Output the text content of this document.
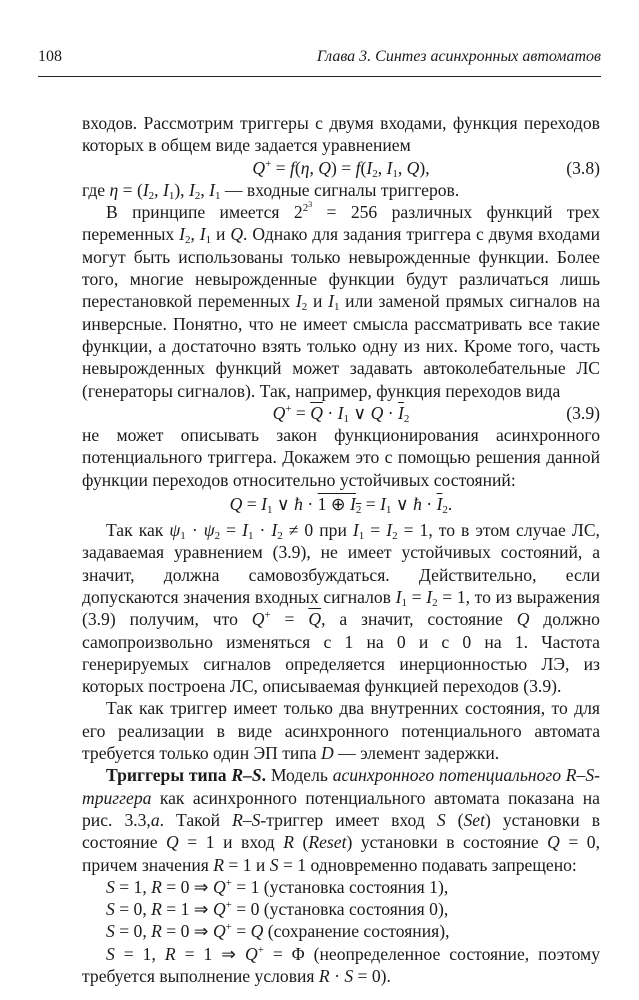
108	Глава 3. Синтез асинхронных автоматов

входов. Рассмотрим триггеры с двумя входами, функция переходов которых в общем виде задается уравнением

Q+ = f(η, $Q) = f(I_2$, $I_1$, Q),	(3.8)

где $\eta = (I_2$, $I_1$), $I_2$, $I_1$ — входные сигналы триггеров.

В принципе имеется $2^{2^3} = 256$ различных функций трех переменных $I_2$, $I_1$ и Q. Однако для задания триггера с двумя входами могут быть использованы только невырожденные функции. Более того, многие невырожденные функции будут различаться лишь перестановкой переменных $I_2$ и $I_1$ или заменой прямых сигналов на инверсные. Понятно, что не имеет смысла рассматривать все такие функции, а достаточно взять только одну из них. Кроме того, часть невырожденных функций может задавать автоколебательные ЛС (генераторы сигналов). Так, например, функция переходов вида

$Q^+ = \overline{Q} \cdot I_1$ ∨ $Q \cdot \overline{I}_2$	(3.9)

не может описывать закон функционирования асинхронного потенциального триггера. Докажем это с помощью решения данной функции переходов относительно устойчивых состояний:

$Q = I_1$ ∨ ħ · 1 ⊕ $I_2 = I_1$ ∨ ħ · $\overline{I}_2$.

Так как $\psi_1 \cdot \psi_2 = I_1 \cdot I_2 \ne 0$ при $I_1 = I_2 = 1$, то в этом случае ЛС, задаваемая уравнением (3.9), не имеет устойчивых состояний, а значит, должна самовозбуждаться. Действительно, если допускаются значения входных сигналов $I_1 = I_2 = 1$, то из выражения (3.9) получим, что $Q^+ = \overline{Q}$, а значит, состояние Q должно самопроизвольно изменяться с 1 на 0 и с 0 на 1. Частота генерируемых сигналов определяется инерционностью ЛЭ, из которых построена ЛС, описываемая функцией переходов (3.9).

Так как триггер имеет только два внутренних состояния, то для его реализации в виде асинхронного потенциального автомата требуется только один ЭП типа D — элемент задержки.

Триггеры типа R–S. Модель асинхронного потенциального R–S-триггера как асинхронного потенциального автомата показана на рис. 3.3,а. Такой R–S-триггер имеет вход S (Set) установки в состояние Q = 1 и вход R (Reset) установки в состояние Q = 0, причем значения R = 1 и S = 1 одновременно подавать запрещено:

S = 1, R = 0 ⇒ Q+ = 1 (установка состояния 1),

S = 0, R = 1 ⇒ Q+ = 0 (установка состояния 0),

S = 0, R = 0 ⇒ Q+ = Q (сохранение состояния),

S = 1, R = 1 ⇒ Q+ = Φ (неопределенное состояние, поэтому требуется выполнение условия R · S = 0).
